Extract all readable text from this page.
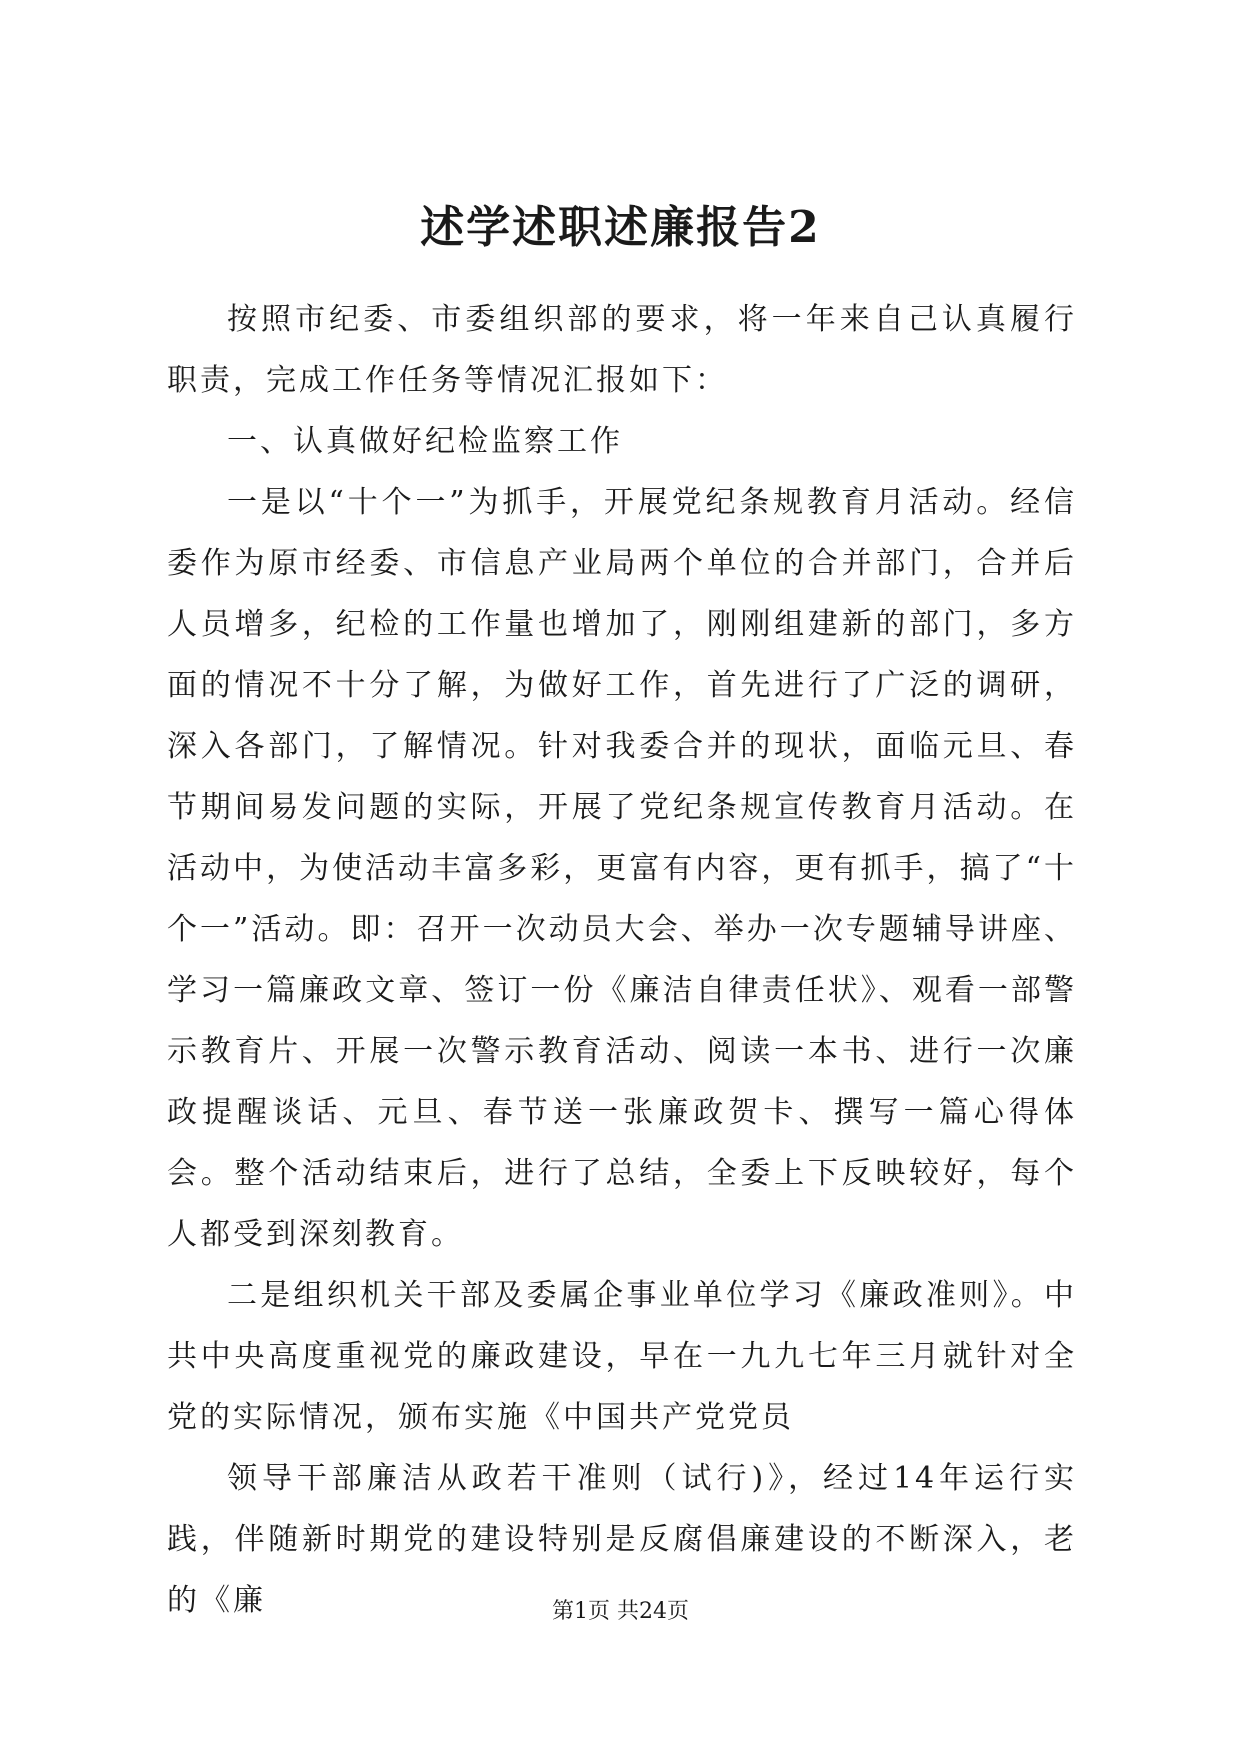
述学述职述廉报告2

按照市纪委、市委组织部的要求，将一年来自己认真履行职责，完成工作任务等情况汇报如下：

一、认真做好纪检监察工作

一是以“十个一”为抓手，开展党纪条规教育月活动。经信委作为原市经委、市信息产业局两个单位的合并部门，合并后人员增多，纪检的工作量也增加了，刚刚组建新的部门，多方面的情况不十分了解，为做好工作，首先进行了广泛的调研，深入各部门，了解情况。针对我委合并的现状，面临元旦、春节期间易发问题的实际，开展了党纪条规宣传教育月活动。在活动中，为使活动丰富多彩，更富有内容，更有抓手，搞了“十个一”活动。即：召开一次动员大会、举办一次专题辅导讲座、学习一篇廉政文章、签订一份《廉洁自律责任状》、观看一部警示教育片、开展一次警示教育活动、阅读一本书、进行一次廉政提醒谈话、元旦、春节送一张廉政贺卡、撰写一篇心得体会。整个活动结束后，进行了总结，全委上下反映较好，每个人都受到深刻教育。

二是组织机关干部及委属企事业单位学习《廉政准则》。中共中央高度重视党的廉政建设，早在一九九七年三月就针对全党的实际情况，颁布实施《中国共产党党员

领导干部廉洁从政若干准则（试行)》，经过14年运行实践，伴随新时期党的建设特别是反腐倡廉建设的不断深入，老的《廉	第1页 共24页
